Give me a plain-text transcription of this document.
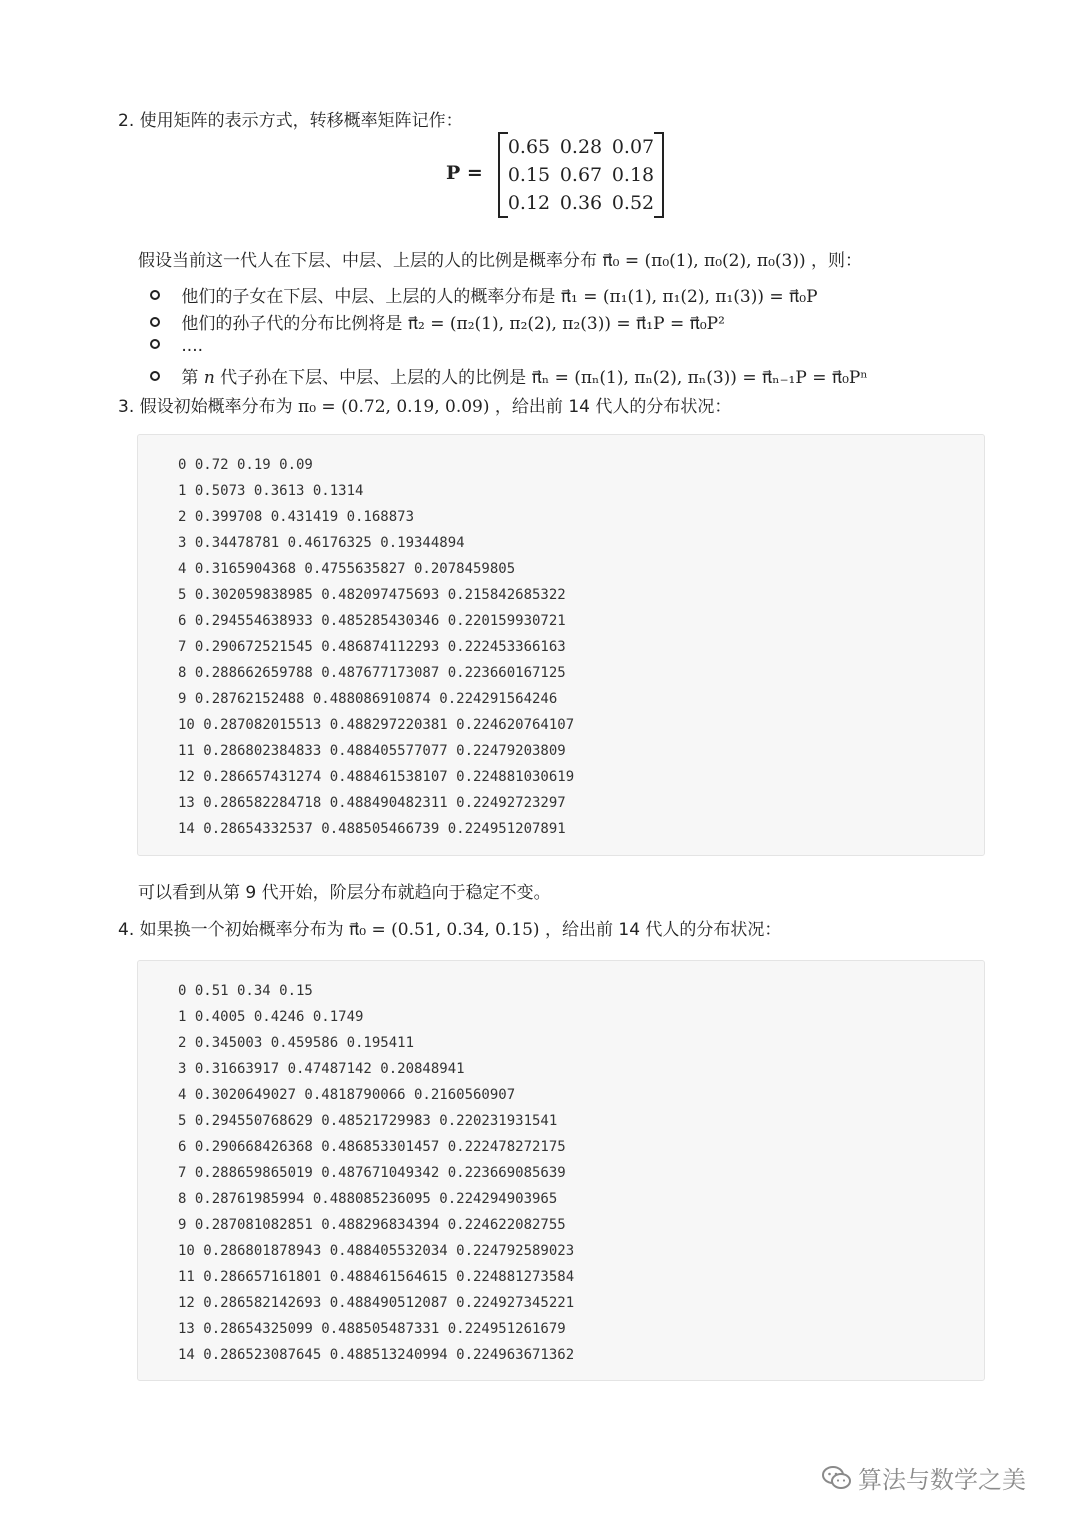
2. 使用矩阵的表示方式，转移概率矩阵记作：
P =
0.65 0.28 0.07
0.15 0.67 0.18
0.12 0.36 0.52
假设当前这一代人在下层、中层、上层的人的比例是概率分布 π⃗₀ = (π₀(1), π₀(2), π₀(3)) ，则：
他们的子女在下层、中层、上层的人的概率分布是 π⃗₁ = (π₁(1), π₁(2), π₁(3)) = π⃗₀P
他们的孙子代的分布比例将是 π⃗₂ = (π₂(1), π₂(2), π₂(3)) = π⃗₁P = π⃗₀P²
....
第 n 代子孙在下层、中层、上层的人的比例是 π⃗ₙ = (πₙ(1), πₙ(2), πₙ(3)) = π⃗ₙ₋₁P = π⃗₀Pⁿ
3. 假设初始概率分布为 π₀ = (0.72, 0.19, 0.09) ，给出前 14 代人的分布状况：
0 0.72 0.19 0.09
1 0.5073 0.3613 0.1314
2 0.399708 0.431419 0.168873
3 0.34478781 0.46176325 0.19344894
4 0.3165904368 0.4755635827 0.2078459805
5 0.302059838985 0.482097475693 0.215842685322
6 0.294554638933 0.485285430346 0.220159930721
7 0.290672521545 0.486874112293 0.222453366163
8 0.288662659788 0.487677173087 0.223660167125
9 0.28762152488 0.488086910874 0.224291564246
10 0.287082015513 0.488297220381 0.224620764107
11 0.286802384833 0.488405577077 0.22479203809
12 0.286657431274 0.488461538107 0.224881030619
13 0.286582284718 0.488490482311 0.22492723297
14 0.28654332537 0.488505466739 0.224951207891
可以看到从第 9 代开始，阶层分布就趋向于稳定不变。
4. 如果换一个初始概率分布为 π⃗₀ = (0.51, 0.34, 0.15) ，给出前 14 代人的分布状况：
0 0.51 0.34 0.15
1 0.4005 0.4246 0.1749
2 0.345003 0.459586 0.195411
3 0.31663917 0.47487142 0.20848941
4 0.3020649027 0.4818790066 0.2160560907
5 0.294550768629 0.48521729983 0.220231931541
6 0.290668426368 0.486853301457 0.222478272175
7 0.288659865019 0.487671049342 0.223669085639
8 0.28761985994 0.488085236095 0.224294903965
9 0.287081082851 0.488296834394 0.224622082755
10 0.286801878943 0.488405532034 0.224792589023
11 0.286657161801 0.488461564615 0.224881273584
12 0.286582142693 0.488490512087 0.224927345221
13 0.28654325099 0.488505487331 0.224951261679
14 0.286523087645 0.488513240994 0.224963671362
算法与数学之美
